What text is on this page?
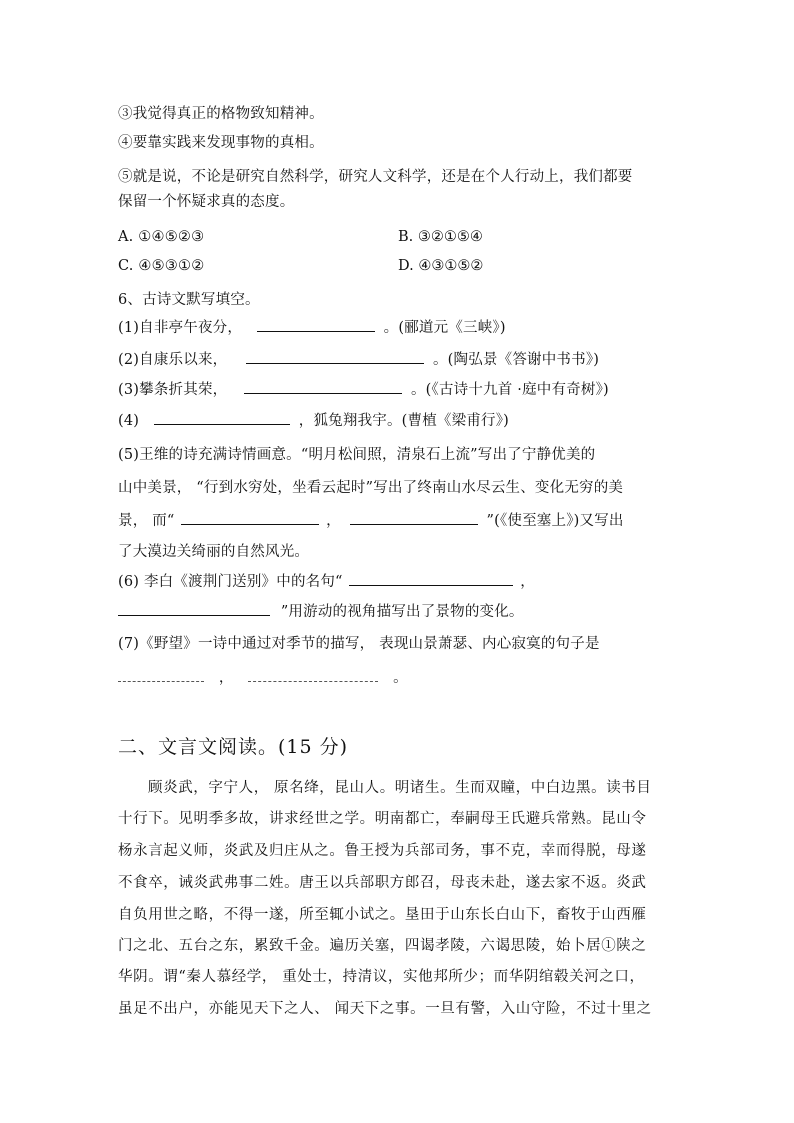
③我觉得真正的格物致知精神。
④要靠实践来发现事物的真相。
⑤就是说，不论是研究自然科学，研究人文科学，还是在个人行动上，我们都要
保留一个怀疑求真的态度。
A. ①④⑤②③	B. ③②①⑤④
C. ④⑤③①②	D. ④③①⑤②
6、古诗文默写填空。
(1)自非亭午夜分，	。(郦道元《三峡》)
(2)自康乐以来，	。(陶弘景《答谢中书书》)
(3)攀条折其荣，	。(《古诗十九首 ·庭中有奇树》)
(4)	，狐兔翔我宇。(曹植《梁甫行》)
(5)王维的诗充满诗情画意。“明月松间照，清泉石上流”写出了宁静优美的
山中美景， “行到水穷处，坐看云起时”写出了终南山水尽云生、变化无穷的美
景， 而“	，	”(《使至塞上》)又写出
了大漠边关绮丽的自然风光。
(6) 李白《渡荆门送别》中的名句“	，
”用游动的视角描写出了景物的变化。
(7)《野望》一诗中通过对季节的描写， 表现山景萧瑟、内心寂寞的句子是
，	。
二、文言文阅读。(15 分)
顾炎武，字宁人， 原名绛，昆山人。明诸生。生而双瞳，中白边黑。读书目
十行下。见明季多故，讲求经世之学。明南都亡，奉嗣母王氏避兵常熟。昆山令
杨永言起义师，炎武及归庄从之。鲁王授为兵部司务，事不克，幸而得脱，母遂
不食卒，诫炎武弗事二姓。唐王以兵部职方郎召，母丧未赴，遂去家不返。炎武
自负用世之略，不得一遂，所至辄小试之。垦田于山东长白山下，畜牧于山西雁
门之北、五台之东，累致千金。遍历关塞，四谒孝陵，六谒思陵，始卜居①陕之
华阴。谓“秦人慕经学， 重处士，持清议，实他邦所少；而华阴绾毂关河之口，
虽足不出户，亦能见天下之人、 闻天下之事。一旦有警，入山守险，不过十里之
